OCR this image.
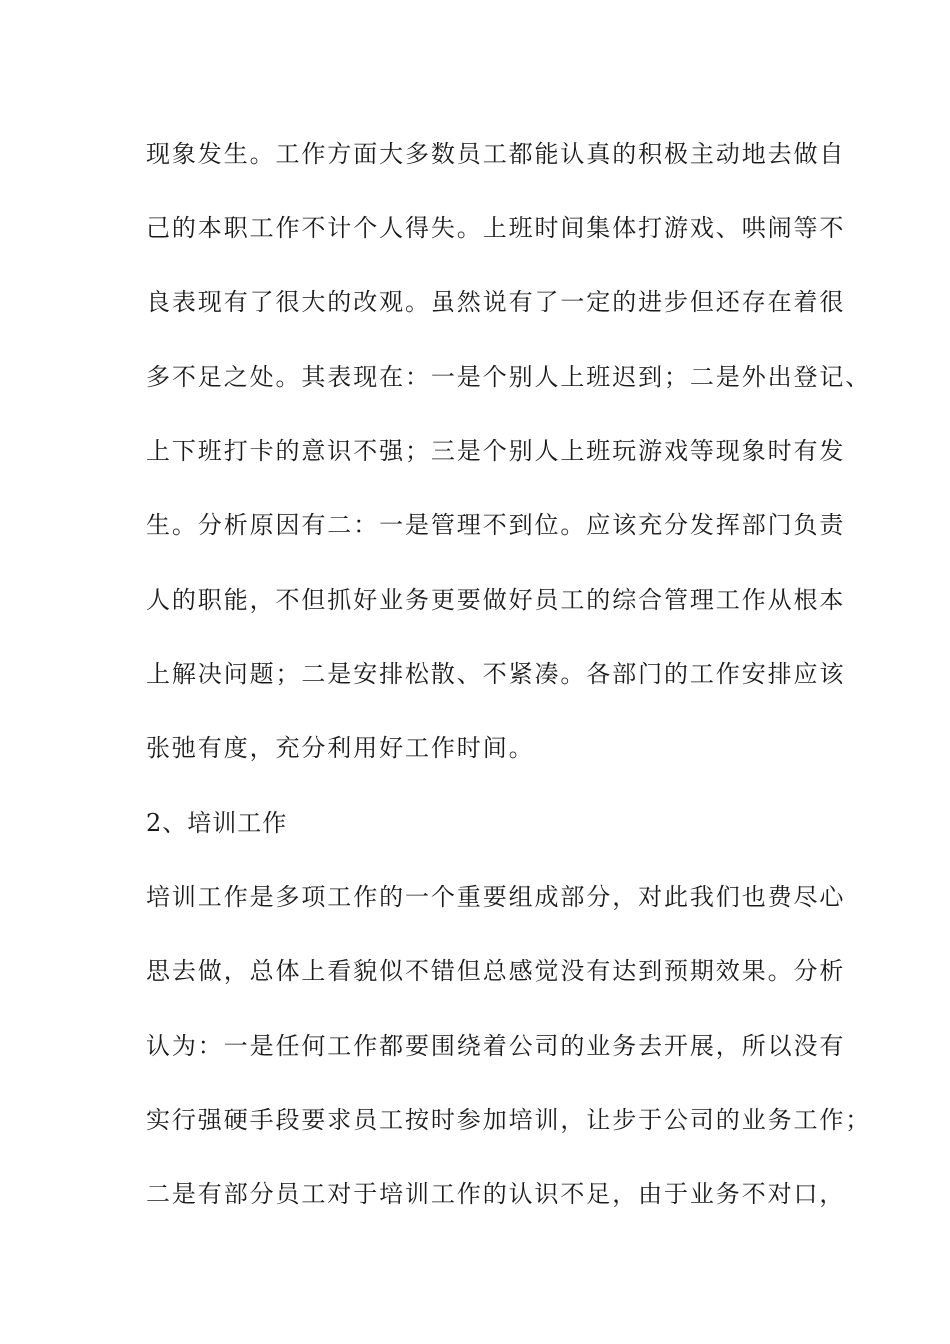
现象发生。工作方面大多数员工都能认真的积极主动地去做自
己的本职工作不计个人得失。上班时间集体打游戏、哄闹等不
良表现有了很大的改观。虽然说有了一定的进步但还存在着很
多不足之处。其表现在：一是个别人上班迟到；二是外出登记、
上下班打卡的意识不强；三是个别人上班玩游戏等现象时有发
生。分析原因有二：一是管理不到位。应该充分发挥部门负责
人的职能，不但抓好业务更要做好员工的综合管理工作从根本
上解决问题；二是安排松散、不紧凑。各部门的工作安排应该
张弛有度，充分利用好工作时间。
2、培训工作
培训工作是多项工作的一个重要组成部分，对此我们也费尽心
思去做，总体上看貌似不错但总感觉没有达到预期效果。分析
认为：一是任何工作都要围绕着公司的业务去开展，所以没有
实行强硬手段要求员工按时参加培训，让步于公司的业务工作；
二是有部分员工对于培训工作的认识不足，由于业务不对口，
